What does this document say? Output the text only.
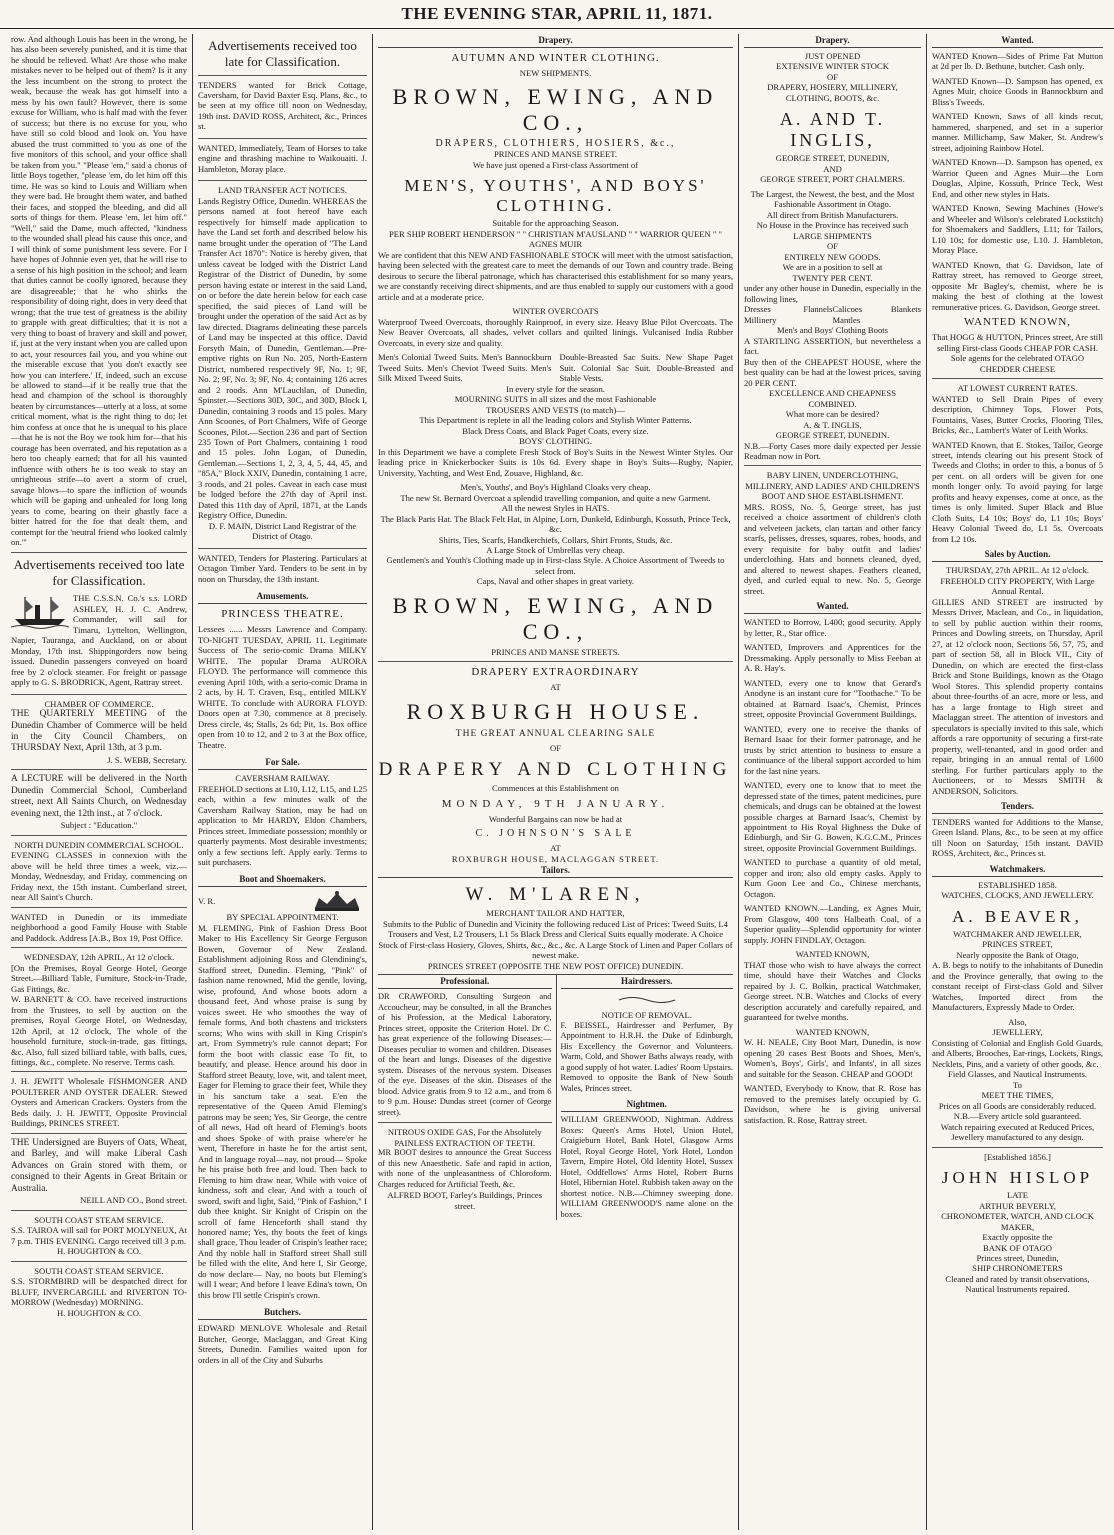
THE EVENING STAR, APRIL 11, 1871.
row. And although Louis has been in the wrong, he has also been severely punished, and it is time that he should be relieved. What! Are those who make mistakes never to be helped out of them? Is it any the less incumbent on the strong to protect the weak, because the weak has got himself into a mess by his own fault? However, there is some excuse for William, who is half mad with the fever of success; but there is no excuse for you, who have still so cold blood and look on. You have abused the trust committed to you as one of the five monitors of this school, and your office shall be taken from you." "Please 'em," said a chorus of little Boys together, "please 'em, do let him off this time. He was so kind to Louis and William when they were bad. He brought them water, and bathed their faces, and stopped the bleeding, and did all sorts of things for them. Please 'em, let him off." "Well," said the Dame, much affected, "kindness to the wounded shall plead his cause this once, and I will think of some punishment less severe. For I have hopes of Johnnie even yet, that he will rise to a sense of his high position in the school; and learn that duties cannot be coolly ignored, because they are disagreeable; that he who shirks the responsibility of doing right, does in very deed that wrong; that the true test of greatness is the ability to grapple with great difficulties; that it is not a very thing to boast of bravery and skill and power, if, just at the very instant when you are called upon to act, your resources fail you, and you whine out the miserable excuse that 'you don't exactly see how you can interfere.' If, indeed, such an excuse be allowed to stand—if it be really true that the head and champion of the school is thoroughly beaten by circumstances—utterly at a loss, at some critical moment, what is the right thing to do; let him confess at once that he is unequal to his place—that he is not the Boy we took him for—that his courage has been overrated, and his reputation as a hero too cheaply earned; that for all his vaunted influence with others he is too weak to stay an unrighteous strife—to avert a storm of cruel, savage blows—to spare the infliction of wounds which will be gaping and unhealed for long long years to come, bearing on their ghastly face a bitter hatred for the foe that dealt them, and contempt for the 'neutral friend who looked calmly on.'"
Advertisements received too late for Classification.
THE C.S.S.N. Co.'s s.s. LORD ASHLEY, H. J. C. Andrew, Commander, will sail for Timaru, Lyttelton, Wellington, Napier, Tauranga, and Auckland, on or about Monday, 17th inst. Shippingorders now being issued. Dunedin passengers conveyed on board free by 2 o'clock steamer. For freight or passage apply to G. S. BRODRICK, Agent, Rattray street.
CHAMBER OF COMMERCE.
THE QUARTERLY MEETING of the Dunedin Chamber of Commerce will be held in the City Council Chambers, on THURSDAY Next, April 13th, at 3 p.m.
J. S. WEBB, Secretary.
A LECTURE will be delivered in the North Dunedin Commercial School, Cumberland street, next All Saints Church, on Wednesday evening next, the 12th inst., at 7 o'clock.
Subject : "Education."
NORTH DUNEDIN COMMERCIAL SCHOOL.
EVENING CLASSES in connexion with the above will be held three times a week, viz.—Monday, Wednesday, and Friday, commencing on Friday next, the 15th instant. Cumberland street, near All Saint's Church.
WANTED in Dunedin or its immediate neighborhood a good Family House with Stable and Paddock. Address [A.B., Box 19, Post Office.
WEDNESDAY, 12th APRIL, At 12 o'clock.
[On the Premises, Royal George Hotel, George Street.—Billiard Table, Furniture, Stock-in-Trade, Gas Fittings, &c.
W. BARNETT & CO. have received instructions from the Trustees, to sell by auction on the premises, Royal George Hotel, on Wednesday, 12th April, at 12 o'clock, The whole of the household furniture, stock-in-trade, gas fittings, &c. Also, full sized billiard table, with balls, cues, fittings, &c., complete. No reserve. Terms cash.
J. H. JEWITT Wholesale FISHMONGER AND POULTERER AND OYSTER DEALER. Stewed Oysters and American Crackers. Oysters from the Beds daily. J. H. JEWITT, Opposite Provincial Buildings, PRINCES STREET.
THE Undersigned are Buyers of Oats, Wheat, and Barley, and will make Liberal Cash Advances on Grain stored with them, or consigned to their Agents in Great Britain or Australia.
NEILL AND CO., Bond street.
SOUTH COAST STEAM SERVICE.
S.S. TAIROA will sail for PORT MOLYNEUX, At 7 p.m. THIS EVENING. Cargo received till 3 p.m.
H. HOUGHTON & CO.
SOUTH COAST STEAM SERVICE.
S.S. STORMBIRD will be despatched direct for BLUFF, INVERCARGILL and RIVERTON TO-MORROW (Wednesday) MORNING.
H. HOUGHTON & CO.
Advertisements received too late for Classification.
TENDERS wanted for Brick Cottage, Caversham, for David Baxter Esq. Plans, &c., to be seen at my office till noon on Wednesday, 19th inst. DAVID ROSS, Architect, &c., Princes st.
WANTED, Immediately, Team of Horses to take engine and thrashing machine to Waikouaiti. J. Hambleton, Moray place.
LAND TRANSFER ACT NOTICES.
Lands Registry Office, Dunedin. WHEREAS the persons named at foot hereof have each respectively for himself made application to have the Land set forth and described below his name brought under the operation of "The Land Transfer Act 1870": Notice is hereby given, that unless caveat be lodged with the District Land Registrar of the District of Dunedin, by some person having estate or interest in the said Land, on or before the date herein below for each case specified, the said pieces of Land will be brought under the operation of the said Act as by law directed. Diagrams delineating these parcels of Land may be inspected at this office. David Forsyth Main, of Dunedin, Gentleman.—Pre-emptive rights on Run No. 205, North-Eastern District, numbered respectively 9F, No. 1; 9F, No. 2; 9F, No. 3; 9F, No. 4; containing 126 acres and 2 roods. Ann M'Lauchlan, of Dunedin, Spinster.—Sections 30D, 30C, and 30D, Block I, Dunedin, containing 3 roods and 15 poles. Mary Ann Scoones, of Port Chalmers, Wife of George Scoones, Pilot.—Section 236 and part of Section 235 Town of Port Chalmers, containing 1 rood and 15 poles. John Logan, of Dunedin, Gentleman.—Sections 1, 2, 3, 4, 5, 44, 45, and "85A," Block XXIV, Dunedin, containing 1 acre, 3 roods, and 21 poles. Caveat in each case must be lodged before the 27th day of April inst. Dated this 11th day of April, 1871, at the Lands Registry Office, Dunedin.
D. F. MAIN, District Land Registrar of the District of Otago.
WANTED, Tenders for Plastering. Particulars at Octagon Timber Yard. Tenders to be sent in by noon on Thursday, the 13th instant.
Amusements.
PRINCESS THEATRE.
Lessees ...... Messrs Lawrence and Company. TO-NIGHT TUESDAY, APRIL 11. Legitimate Success of The serio-comic Drama MILKY WHITE. The popular Drama AURORA FLOYD. The performance will commence this evening April 10th, with a serio-comic Drama in 2 acts, by H. T. Craven, Esq., entitled MILKY WHITE. To conclude with AURORA FLOYD. Doors open at 7.30, commence at 8 precisely. Dress circle, 4s; Stalls, 2s 6d; Pit, 1s. Box office open from 10 to 12, and 2 to 3 at the Box office, Theatre.
For Sale.
CAVERSHAM RAILWAY.
FREEHOLD sections at L10, L12, L15, and L25 each, within a few minutes walk of the Caversham Railway Station, may be had on application to Mr HARDY, Eldon Chambers, Princes street. Immediate possession; monthly or quarterly payments. Most desirable investments; only a few sections left. Apply early. Terms to suit purchasers.
Boot and Shoemakers.
V. R.
BY SPECIAL APPOINTMENT.
M. FLEMING, Pink of Fashion Dress Boot Maker to His Excellency Sir George Ferguson Bowen, Governor of New Zealand. Establishment adjoining Ross and Glendining's, Stafford street, Dunedin. Fleming, "Pink" of fashion name renowned, Mid the gentle, loving, wise, profound, And whose boots adorn a thousand feet, And whose praise is sung by voices sweet. He who smoothes the way of female forms, And both chastens and tricksters scorns; Who wins with skill in King Crispin's art, From Symmetry's rule cannot depart; For form the boot with classic ease To fit, to beautify, and please. Hence around his door in Stafford street Beauty, love, wit, and talent meet, Eager for Fleming to grace their feet, While they in his sanctum take a seat. E'en the representative of the Queen Amid Fleming's patrons may be seen; Yes, Sir George, the centre of all news, Had oft heard of Fleming's boots and shoes Spoke of with praise where'er he went, Therefore in haste he for the artist sent, And in language royal—nay, not proud— Spoke he his praise both free and loud. Then back to Fleming to him draw near, While with voice of kindness, soft and clear, And with a touch of sword, swift and light, Said, "Pink of Fashion," I dub thee knight. Sir Knight of Crispin on the scroll of fame Henceforth shall stand thy honored name; Yes, thy boots the feet of kings shall grace, Thou leader of Crispin's leather race; And thy noble hall in Stafford street Shall still be filled with the elite, And here I, Sir George, do now declare— Nay, no boots but Fleming's will I wear; And before I leave Edina's town, On this brow I'll settle Crispin's crown.
Butchers.
EDWARD MENLOVE Wholesale and Retail Butcher, George, Maclaggan, and Great King Streets, Dunedin. Families waited upon for orders in all of the City and Suburbs
Drapery.
AUTUMN AND WINTER CLOTHING.
NEW SHIPMENTS.
BROWN, EWING, AND CO.,
DRAPERS, CLOTHIERS, HOSIERS, &c.,
PRINCES AND MANSE STREET.
We have just opened a First-class Assortment of
MEN'S, YOUTHS', AND BOYS' CLOTHING.
Suitable for the approaching Season.
PER SHIP ROBERT HENDERSON " " CHRISTIAN M'AUSLAND " " WARRIOR QUEEN " " AGNES MUIR
We are confident that this NEW AND FASHIONABLE STOCK will meet with the utmost satisfaction, having been selected with the greatest care to meet the demands of our Town and country trade. Being desirous to secure the liberal patronage, which has characterised this establishment for so many years, we are constantly receiving direct shipments, and are thus enabled to supply our customers with a good article and at a moderate price.
WINTER OVERCOATS
Waterproof Tweed Overcoats, thoroughly Rainproof, in every size. Heavy Blue Pilot Overcoats. The New Beaver Overcoats, all shades, velvet collars and quilted linings. Vulcanised India Rubber Overcoats, in every size and quality.
Men's Colonial Tweed Suits. Men's Bannockburn Tweed Suits. Men's Cheviot Tweed Suits. Men's Silk Mixed Tweed Suits.
Double-Breasted Sac Suits. New Shape Paget Suit. Colonial Sac Suit. Double-Breasted and Stable Vests.
In every style for the season.
MOURNING SUITS in all sizes and the most Fashionable
TROUSERS AND VESTS (to match)—
This Department is replete in all the leading colors and Stylish Winter Patterns.
Black Dress Coats, and Black Paget Coats, every size.
BOYS' CLOTHING.
In this Department we have a complete Fresh Stock of Boy's Suits in the Newest Winter Styles. Our leading price in Knickerbocker Suits is 10s 6d. Every shape in Boy's Suits—Rugby, Napier, University, Yachting, and West End, Zouave, Highland, &c.
Men's, Youths', and Boy's Highland Cloaks very cheap.
The new St. Bernard Overcoat a splendid travelling companion, and quite a new Garment.
All the newest Styles in HATS.
The Black Paris Hat. The Black Felt Hat, in Alpine, Lorn, Dunkeld, Edinburgh, Kossuth, Prince Teck, &c.
Shirts, Ties, Scarfs, Handkerchiefs, Collars, Shirt Fronts, Studs, &c.
A Large Stock of Umbrellas very cheap.
Gentlemen's and Youth's Clothing made up in First-class Style. A Choice Assortment of Tweeds to select from.
Caps, Naval and other shapes in great variety.
BROWN, EWING, AND CO.,
PRINCES AND MANSE STREETS.
DRAPERY EXTRAORDINARY
AT
ROXBURGH HOUSE.
THE GREAT ANNUAL CLEARING SALE
OF
DRAPERY AND CLOTHING
Commences at this Establishment on
MONDAY, 9TH JANUARY.
Wonderful Bargains can now be had at
C. JOHNSON'S SALE
AT
ROXBURGH HOUSE, MACLAGGAN STREET.
Tailors.
W. M'LAREN,
MERCHANT TAILOR AND HATTER,
Submits to the Public of Dunedin and Vicinity the following reduced List of Prices: Tweed Suits, L4 Trousers and Vest, L2 Trousers, L1 5s Black Dress and Clerical Suits equally moderate. A Choice Stock of First-class Hosiery, Gloves, Shirts, &c., &c., &c. A Large Stock of Linen and Paper Collars of newest make.
PRINCES STREET (OPPOSITE THE NEW POST OFFICE) DUNEDIN.
Professional.
DR CRAWFORD, Consulting Surgeon and Accoucheur, may be consulted, in all the Branches of his Profession, at the Medical Laboratory, Princes street, opposite the Criterion Hotel. Dr C. has great experience of the following Diseases:— Diseases peculiar to women and children. Diseases of the heart and lungs. Diseases of the digestive system. Diseases of the nervous system. Diseases of the eye. Diseases of the skin. Diseases of the blood. Advice gratis from 9 to 12 a.m., and from 6 to 9 p.m. House: Dundas street (corner of George street).
NITROUS OXIDE GAS, For the Absolutely PAINLESS EXTRACTION OF TEETH.
MR BOOT desires to announce the Great Success of this new Anaesthetic. Safe and rapid in action, with none of the unpleasantness of Chloroform. Charges reduced for Artificial Teeth, &c.
ALFRED BOOT, Farley's Buildings, Princes street.
Hairdressers.
NOTICE OF REMOVAL.
F. BEISSEL, Hairdresser and Perfumer, By Appointment to H.R.H. the Duke of Edinburgh, His Excellency the Governor and Volunteers. Warm, Cold, and Shower Baths always ready, with a good supply of hot water. Ladies' Room Upstairs. Removed to opposite the Bank of New South Wales, Princes street.
Nightmen.
WILLIAM GREENWOOD, Nightman. Address Boxes: Queen's Arms Hotel, Union Hotel, Craigieburn Hotel, Bank Hotel, Glasgow Arms Hotel, Royal George Hotel, York Hotel, London Tavern, Empire Hotel, Old Identity Hotel, Sussex Hotel, Oddfellows' Arms Hotel, Robert Burns Hotel, Hibernian Hotel. Rubbish taken away on the shortest notice. N.B.—Chimney sweeping done. WILLIAM GREENWOOD'S name alone on the boxes.
Drapery.
JUST OPENED
EXTENSIVE WINTER STOCK
OF
DRAPERY, HOSIERY, MILLINERY,
CLOTHING, BOOTS, &c.
A. AND T. INGLIS,
GEORGE STREET, DUNEDIN,
AND
GEORGE STREET, PORT CHALMERS.
The Largest, the Newest, the best, and the Most Fashionable Assortment in Otago.
All direct from British Manufacturers.
No House in the Province has received such
LARGE SHIPMENTS
OF
ENTIRELY NEW GOODS.
We are in a position to sell at
TWENTY PER CENT.
under any other house in Dunedin, especially in the following lines,
Dresses Flannels Millinery
Calicoes Blankets Mantles
Men's and Boys' Clothing Boots
A STARTLING ASSERTION, but nevertheless a fact.
Buy then of the CHEAPEST HOUSE, where the best quality can be had at the lowest prices, saving 20 PER CENT.
EXCELLENCE AND CHEAPNESS COMBINED.
What more can be desired?
A. & T. INGLIS,
GEORGE STREET, DUNEDIN.
N.B.—Forty Cases more daily expected per Jessie Readman now in Port.
BABY LINEN, UNDERCLOTHING, MILLINERY, AND LADIES' AND CHILDREN'S BOOT AND SHOE ESTABLISHMENT.
MRS. ROSS, No. 5, George street, has just received a choice assortment of children's cloth and velveteen jackets, clan tartan and other fancy scarfs, pelisses, dresses, squares, robes, hoods, and every requisite for baby outfit and ladies' underclothing. Hats and bonnets cleaned, dyed, and altered to newest shapes. Feathers cleaned, dyed, and curled equal to new. No. 5, George street.
Wanted.
WANTED to Borrow, L400; good security. Apply by letter, R., Star office.
WANTED, Improvers and Apprentices for the Dressmaking. Apply personally to Miss Feeban at A. R. Hay's.
WANTED, every one to know that Gerard's Anodyne is an instant cure for "Toothache." To be obtained at Barnard Isaac's, Chemist, Princes street, opposite Provincial Government Buildings.
WANTED, every one to receive the thanks of Bernard Isaac for their former patronage, and he trusts by strict attention to business to ensure a continuance of the liberal support accorded to him for the last nine years.
WANTED, every one to know that to meet the depressed state of the times, patent medicines, pure chemicals, and drugs can be obtained at the lowest possible charges at Barnard Isaac's, Chemist by appointment to His Royal Highness the Duke of Edinburgh, and Sir G. Bowen, K.G.C.M., Princes street, opposite Provincial Government Buildings.
WANTED to purchase a quantity of old metal, copper and iron; also old empty casks. Apply to Kum Goon Lee and Co., Chinese merchants, Octagon.
WANTED KNOWN.—Landing, ex Agnes Muir, From Glasgow, 400 tons Halbeath Coal, of a Superior quality—Splendid opportunity for winter supply. JOHN FINDLAY, Octagon.
WANTED KNOWN,
THAT those who wish to have always the correct time, should have their Watches and Clocks repaired by J. C. Bolkin, practical Watchmaker, George street. N.B. Watches and Clocks of every description accurately and carefully repaired, and guaranteed for twelve months.
WANTED KNOWN,
W. H. NEALE, City Boot Mart, Dunedin, is now opening 20 cases Best Boots and Shoes, Men's, Women's, Boys', Girls', and Infants', in all sizes and suitable for the Season. CHEAP and GOOD!
WANTED, Everybody to Know, that R. Rose has removed to the premises lately occupied by G. Davidson, where he is giving universal satisfaction. R. Rose, Rattray street.
Wanted.
WANTED Known—Sides of Prime Fat Mutton at 2d per lb. D. Bethune, butcher. Cash only.
WANTED Known—D. Sampson has opened, ex Agnes Muir, choice Goods in Bannockburn and Bliss's Tweeds.
WANTED Known, Saws of all kinds recut, hammered, sharpened, and set in a superior manner. Millichamp, Saw Maker, St. Andrew's street, adjoining Rainbow Hotel.
WANTED Known—D. Sampson has opened, ex Warrior Queen and Agnes Muir—the Lorn Douglas, Alpine, Kossuth, Prince Teck, West End, and other new styles in Hats.
WANTED Known, Sewing Machines (Howe's and Wheeler and Wilson's celebrated Lockstitch) for Shoemakers and Saddlers, L11; for Tailors, L10 10s; for domestic use, L10. J. Hambleton, Moray Place.
WANTED Known, that G. Davidson, late of Rattray street, has removed to George street, opposite Mr Bagley's, chemist, where he is making the best of clothing at the lowest remunerative prices. G. Davidson, George street.
WANTED KNOWN,
That HOGG & HUTTON, Princes street, Are still selling First-class Goods CHEAP FOR CASH. Sole agents for the celebrated OTAGO CHEDDER CHEESE
AT LOWEST CURRENT RATES.
WANTED to Sell Drain Pipes of every description, Chimney Tops, Flower Pots, Fountains, Vases, Butter Crocks, Flooring Tiles, Bricks, &c., Lambert's Water of Leith Works.
WANTED Known, that E. Stokes, Tailor, George street, intends clearing out his present Stock of Tweeds and Cloths; in order to this, a bonus of 5 per cent. on all orders will be given for one month longer only. To avoid paying for large profits and heavy expenses, come at once, as the times is only limited. Super Black and Blue Cloth Suits, L4 10s; Boys' do, L1 10s; Boys' Heavy Colonial Tweed do, L1 5s. Overcoats from L2 10s.
Sales by Auction.
THURSDAY, 27th APRIL. At 12 o'clock.
FREEHOLD CITY PROPERTY, With Large Annual Rental.
GILLIES AND STREET are instructed by Messrs Driver, Maclean, and Co., in liquidation, to sell by public auction within their rooms, Princes and Dowling streets, on Thursday, April 27, at 12 o'clock noon, Sections 56, 57, 75, and part of section 58, all in Block VII., City of Dunedin, on which are erected the first-class Brick and Stone Buildings, known as the Otago Wool Stores. This splendid property contains about three-fourths of an acre, more or less, and has a large frontage to High street and Maclaggan street. The attention of investors and speculators is specially invited to this sale, which affords a rare opportunity of securing a first-rate property, well-tenanted, and in good order and repair, bringing in an annual rental of L600 sterling. For further particulars apply to the Auctioneers, or to Messrs SMITH & ANDERSON, Solicitors.
Tenders.
TENDERS wanted for Additions to the Manse, Green Island. Plans, &c., to be seen at my office till Noon on Saturday, 15th instant. DAVID ROSS, Architect, &c., Princes st.
Watchmakers.
ESTABLISHED 1858.
WATCHES, CLOCKS, AND JEWELLERY.
A. BEAVER,
WATCHMAKER AND JEWELLER,
PRINCES STREET,
Nearly opposite the Bank of Otago,
A. B. begs to notify to the inhabitants of Dunedin and the Province generally, that owing to the constant receipt of First-class Gold and Silver Watches, Imported direct from the Manufacturers, Expressly Made to Order.
Also,
JEWELLERY,
Consisting of Colonial and English Gold Guards, and Alberts, Brooches, Ear-rings, Lockets, Rings, Necklets, Pins, and a variety of other goods, &c.
Field Glasses, and Nautical Instruments.
To
MEET THE TIMES,
Prices on all Goods are considerably reduced.
N.B.—Every article sold guaranteed.
Watch repairing executed at Reduced Prices,
Jewellery manufactured to any design.
[Established 1856.]
JOHN HISLOP
LATE
ARTHUR BEVERLY,
CHRONOMETER, WATCH, AND CLOCK MAKER,
Exactly opposite the
BANK OF OTAGO
Princes street, Dunedin,
SHIP CHRONOMETERS
Cleaned and rated by transit observations, Nautical Instruments repaired.
